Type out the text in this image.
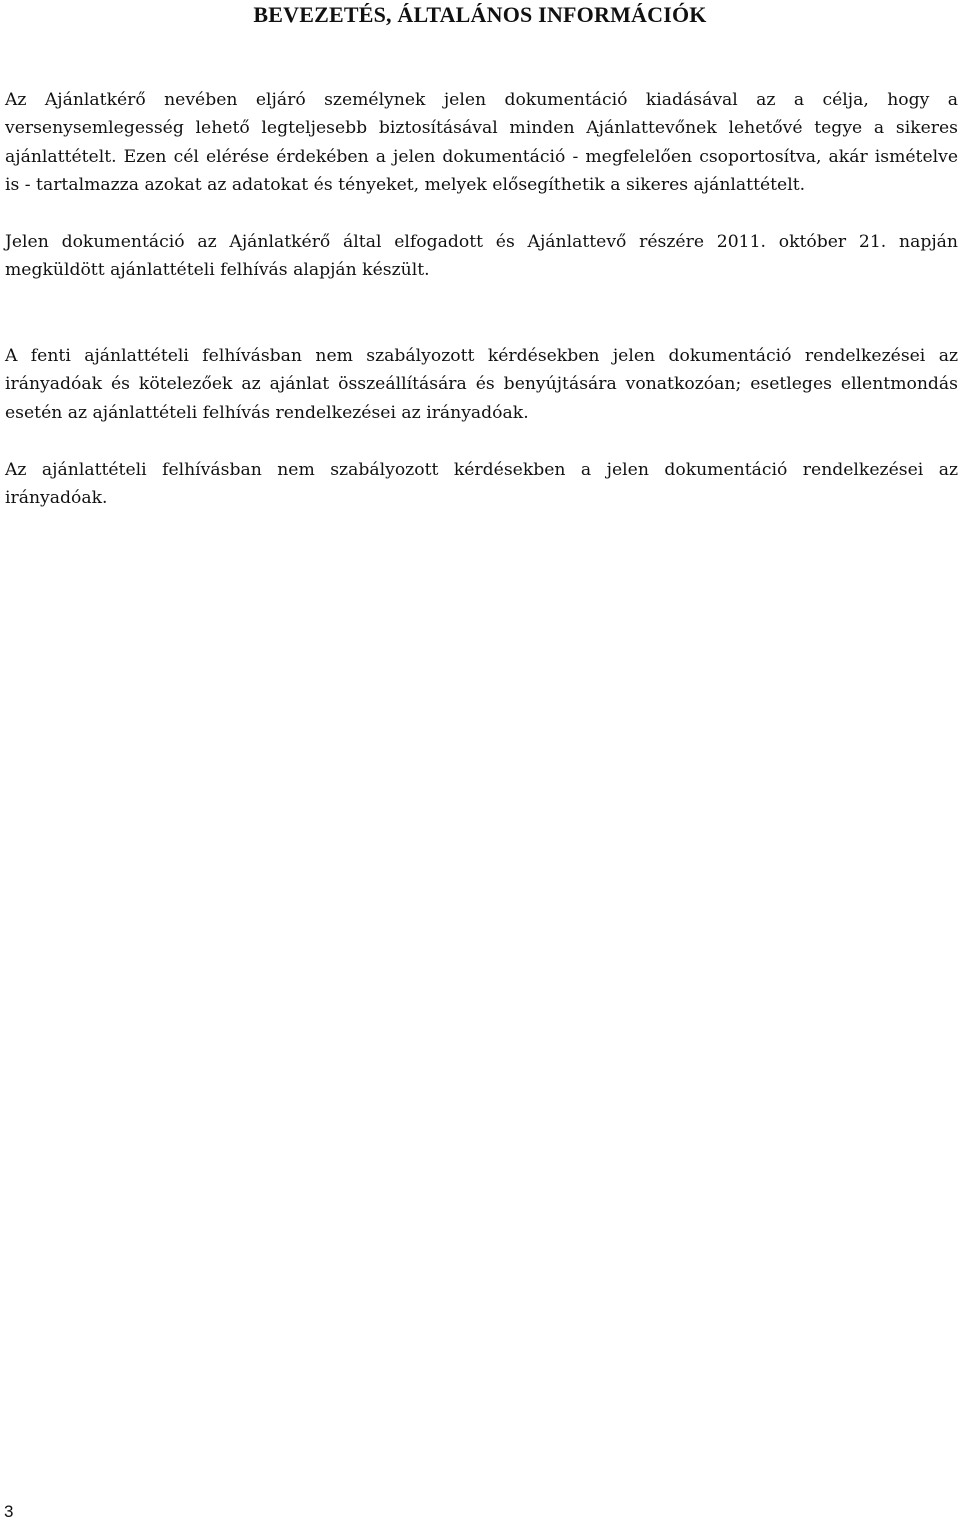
BEVEZETÉS, ÁLTALÁNOS INFORMÁCIÓK

Az Ajánlatkérő nevében eljáró személynek jelen dokumentáció kiadásával az a célja, hogy a versenysemlegesség lehető legteljesebb biztosításával minden Ajánlattevőnek lehetővé tegye a sikeres ajánlattételt. Ezen cél elérése érdekében a jelen dokumentáció - megfelelően csoportosítva, akár ismételve is - tartalmazza azokat az adatokat és tényeket, melyek elősegíthetik a sikeres ajánlattételt.

Jelen dokumentáció az Ajánlatkérő által elfogadott és Ajánlattevő részére 2011. október 21. napján megküldött ajánlattételi felhívás alapján készült.

A fenti ajánlattételi felhívásban nem szabályozott kérdésekben jelen dokumentáció rendelkezései az irányadóak és kötelezőek az ajánlat összeállítására és benyújtására vonatkozóan; esetleges ellentmondás esetén az ajánlattételi felhívás rendelkezései az irányadóak.

Az ajánlattételi felhívásban nem szabályozott kérdésekben a jelen dokumentáció rendelkezései az irányadóak.

3
